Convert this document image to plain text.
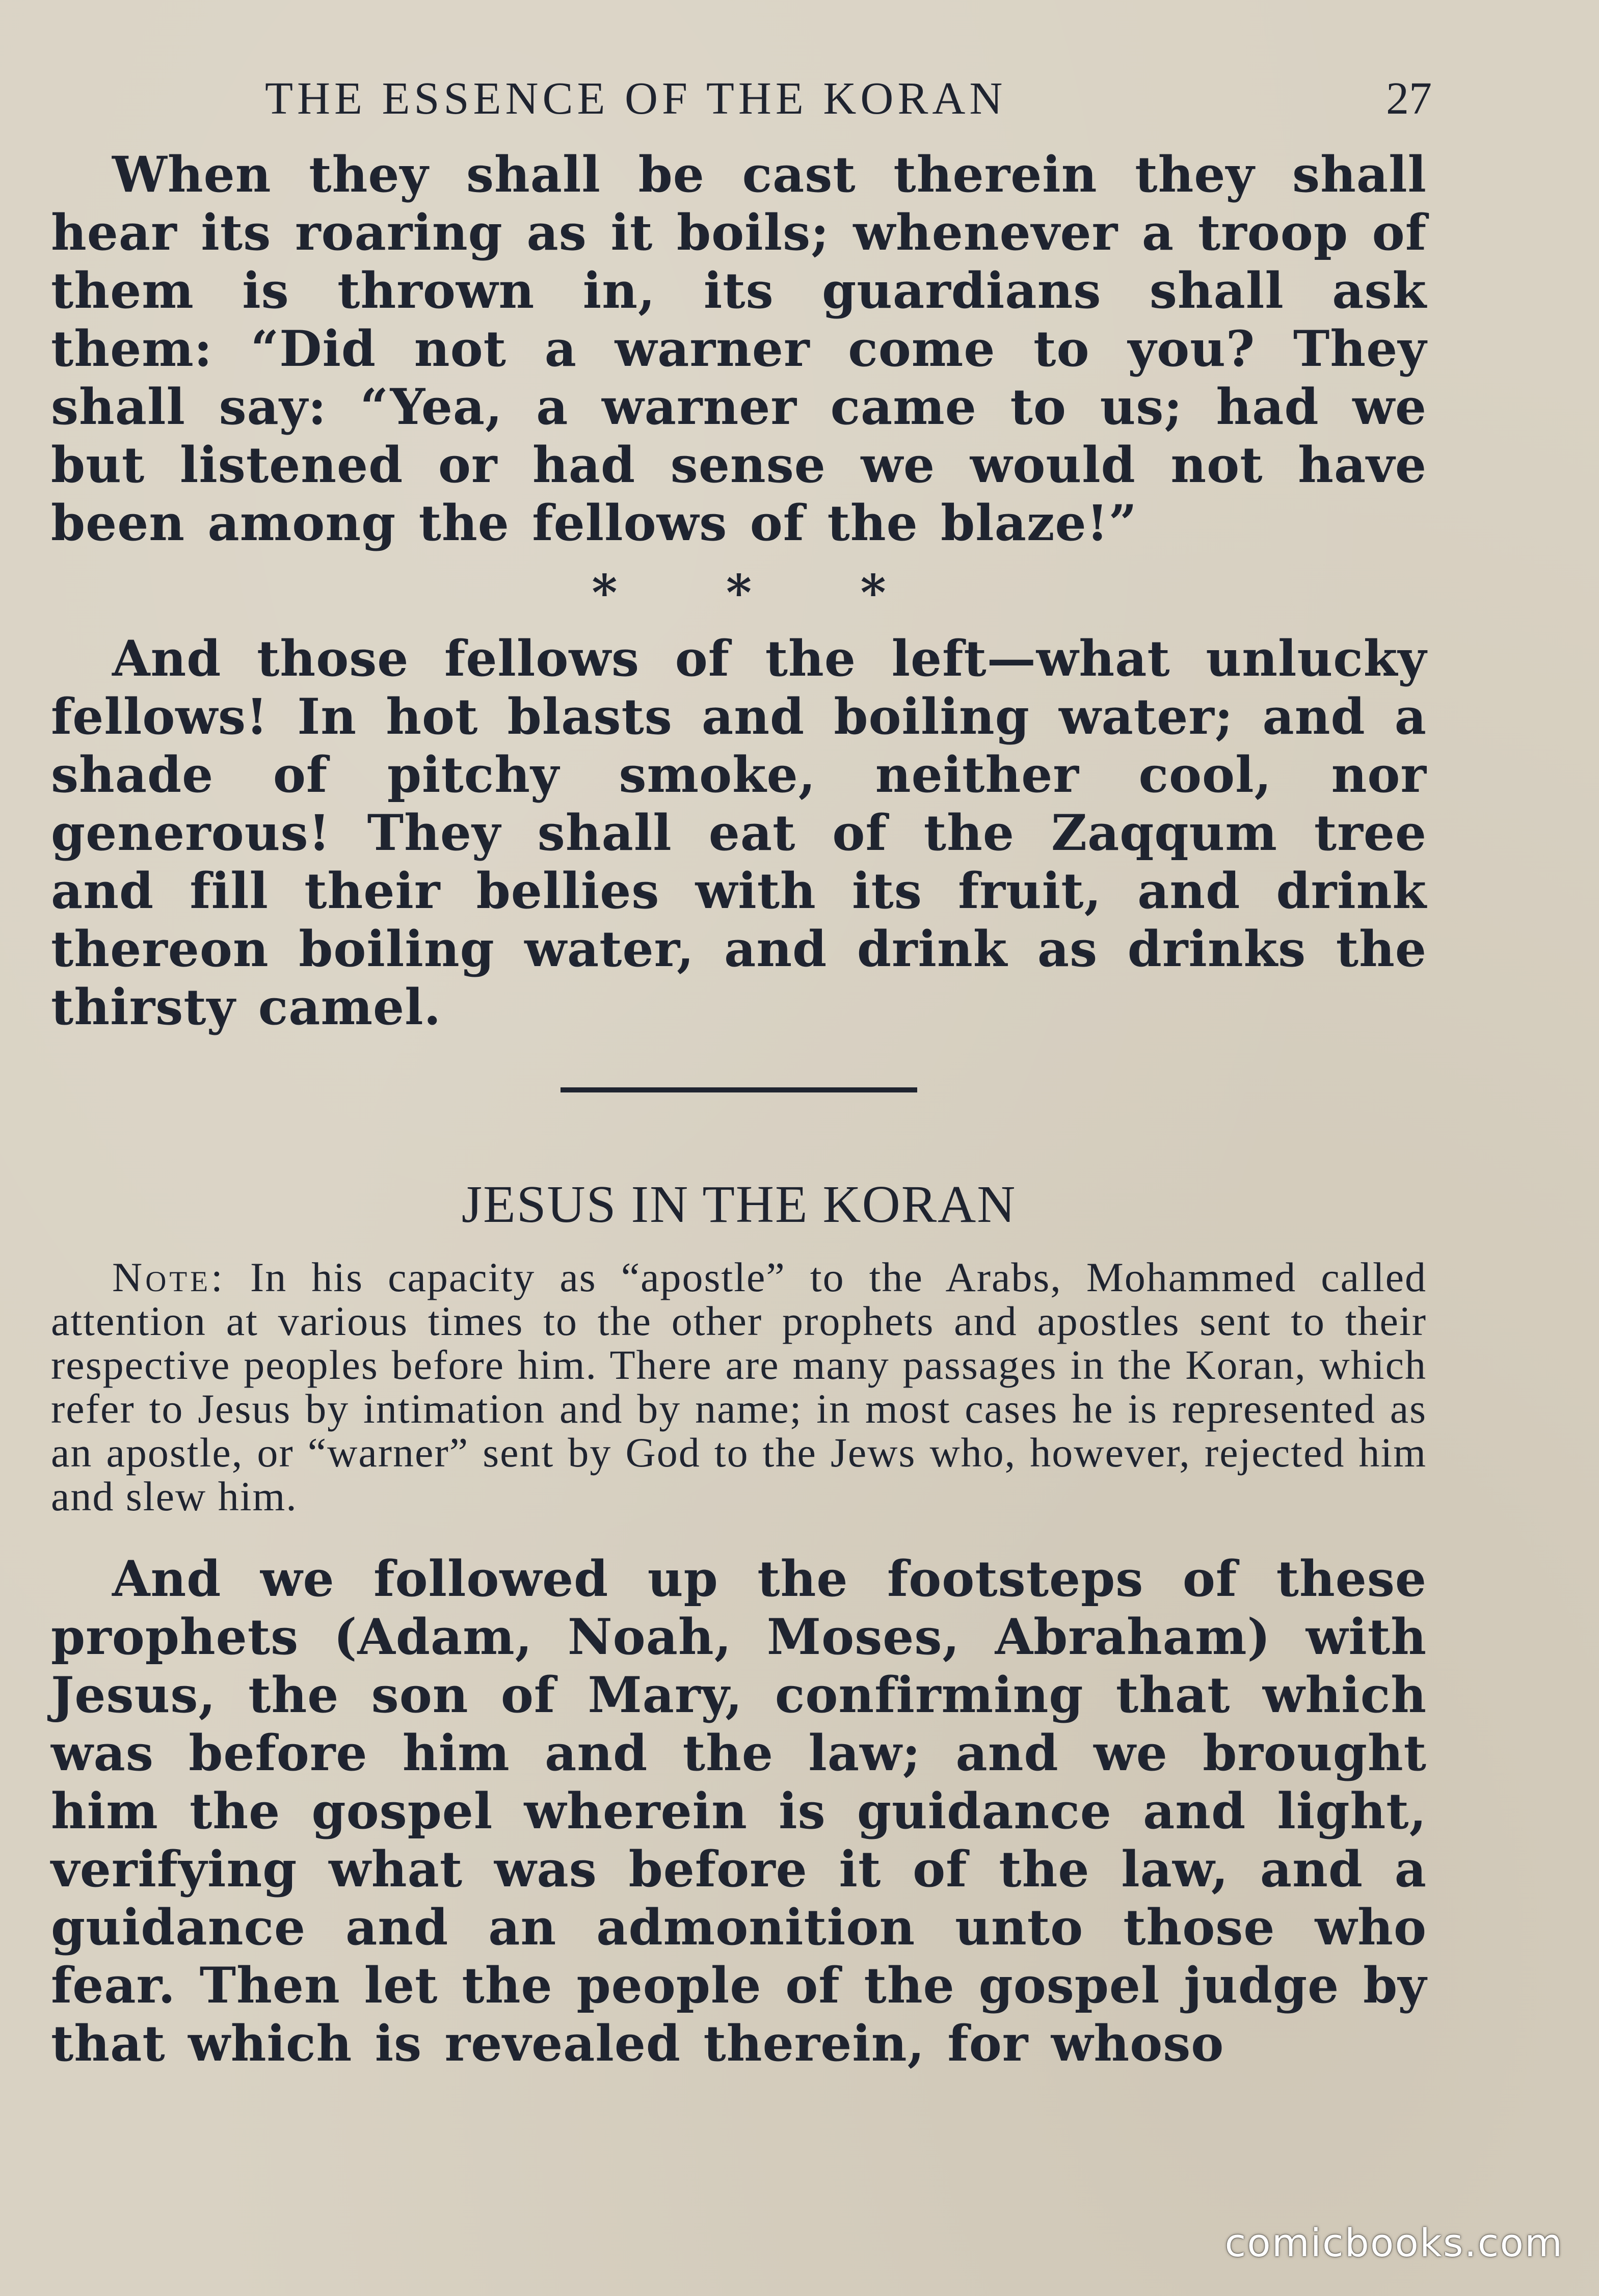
THE ESSENCE OF THE KORAN	27

When they shall be cast therein they shall hear its roaring as it boils; whenever a troop of them is thrown in, its guardians shall ask them: “Did not a warner come to you? They shall say: “Yea, a warner came to us; had we but listened or had sense we would not have been among the fellows of the blaze!”

* * *

And those fellows of the left—what unlucky fellows! In hot blasts and boiling water; and a shade of pitchy smoke, neither cool, nor generous! They shall eat of the Zaqqum tree and fill their bellies with its fruit, and drink thereon boiling water, and drink as drinks the thirsty camel.

JESUS IN THE KORAN

Note: In his capacity as “apostle” to the Arabs, Mohammed called attention at various times to the other prophets and apostles sent to their respective peoples before him. There are many passages in the Koran, which refer to Jesus by intimation and by name; in most cases he is represented as an apostle, or “warner” sent by God to the Jews who, however, rejected him and slew him.

And we followed up the footsteps of these prophets (Adam, Noah, Moses, Abraham) with Jesus, the son of Mary, confirming that which was before him and the law; and we brought him the gospel wherein is guidance and light, verifying what was before it of the law, and a guidance and an admonition unto those who fear. Then let the people of the gospel judge by that which is revealed therein, for whoso

comicbooks.com
